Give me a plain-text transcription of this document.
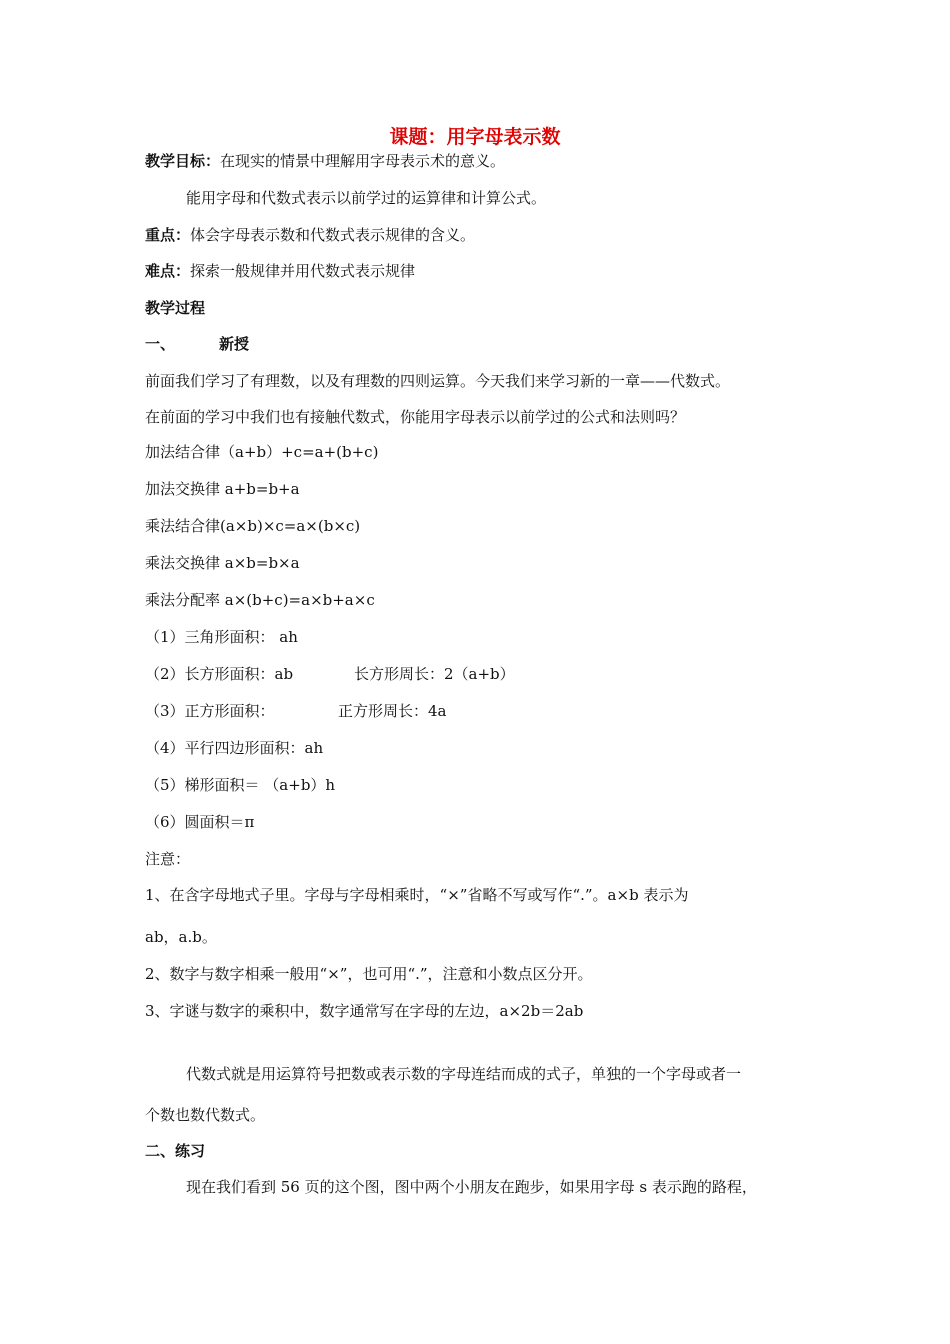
课题：用字母表示数
教学目标：在现实的情景中理解用字母表示术的意义。
能用字母和代数式表示以前学过的运算律和计算公式。
重点：体会字母表示数和代数式表示规律的含义。
难点：探索一般规律并用代数式表示规律
教学过程
一、	新授
前面我们学习了有理数，以及有理数的四则运算。今天我们来学习新的一章——代数式。
在前面的学习中我们也有接触代数式，你能用字母表示以前学过的公式和法则吗？
加法结合律（a+b）+c=a+(b+c)
加法交换律 a+b=b+a
乘法结合律(a×b)×c=a×(b×c)
乘法交换律 a×b=b×a
乘法分配率 a×(b+c)=a×b+a×c
（1）三角形面积： ah
（2）长方形面积：ab	长方形周长：2（a+b）
（3）正方形面积：	正方形周长：4a
（4）平行四边形面积：ah
（5）梯形面积＝ （a+b）h
（6）圆面积＝π
注意：
1、在含字母地式子里。字母与字母相乘时，“×”省略不写或写作“.”。a×b 表示为
ab，a.b。
2、数字与数字相乘一般用“×”，也可用“.”，注意和小数点区分开。
3、字谜与数字的乘积中，数字通常写在字母的左边，a×2b＝2ab
代数式就是用运算符号把数或表示数的字母连结而成的式子，单独的一个字母或者一
个数也数代数式。
二、练习
现在我们看到 56 页的这个图，图中两个小朋友在跑步，如果用字母 s 表示跑的路程，
